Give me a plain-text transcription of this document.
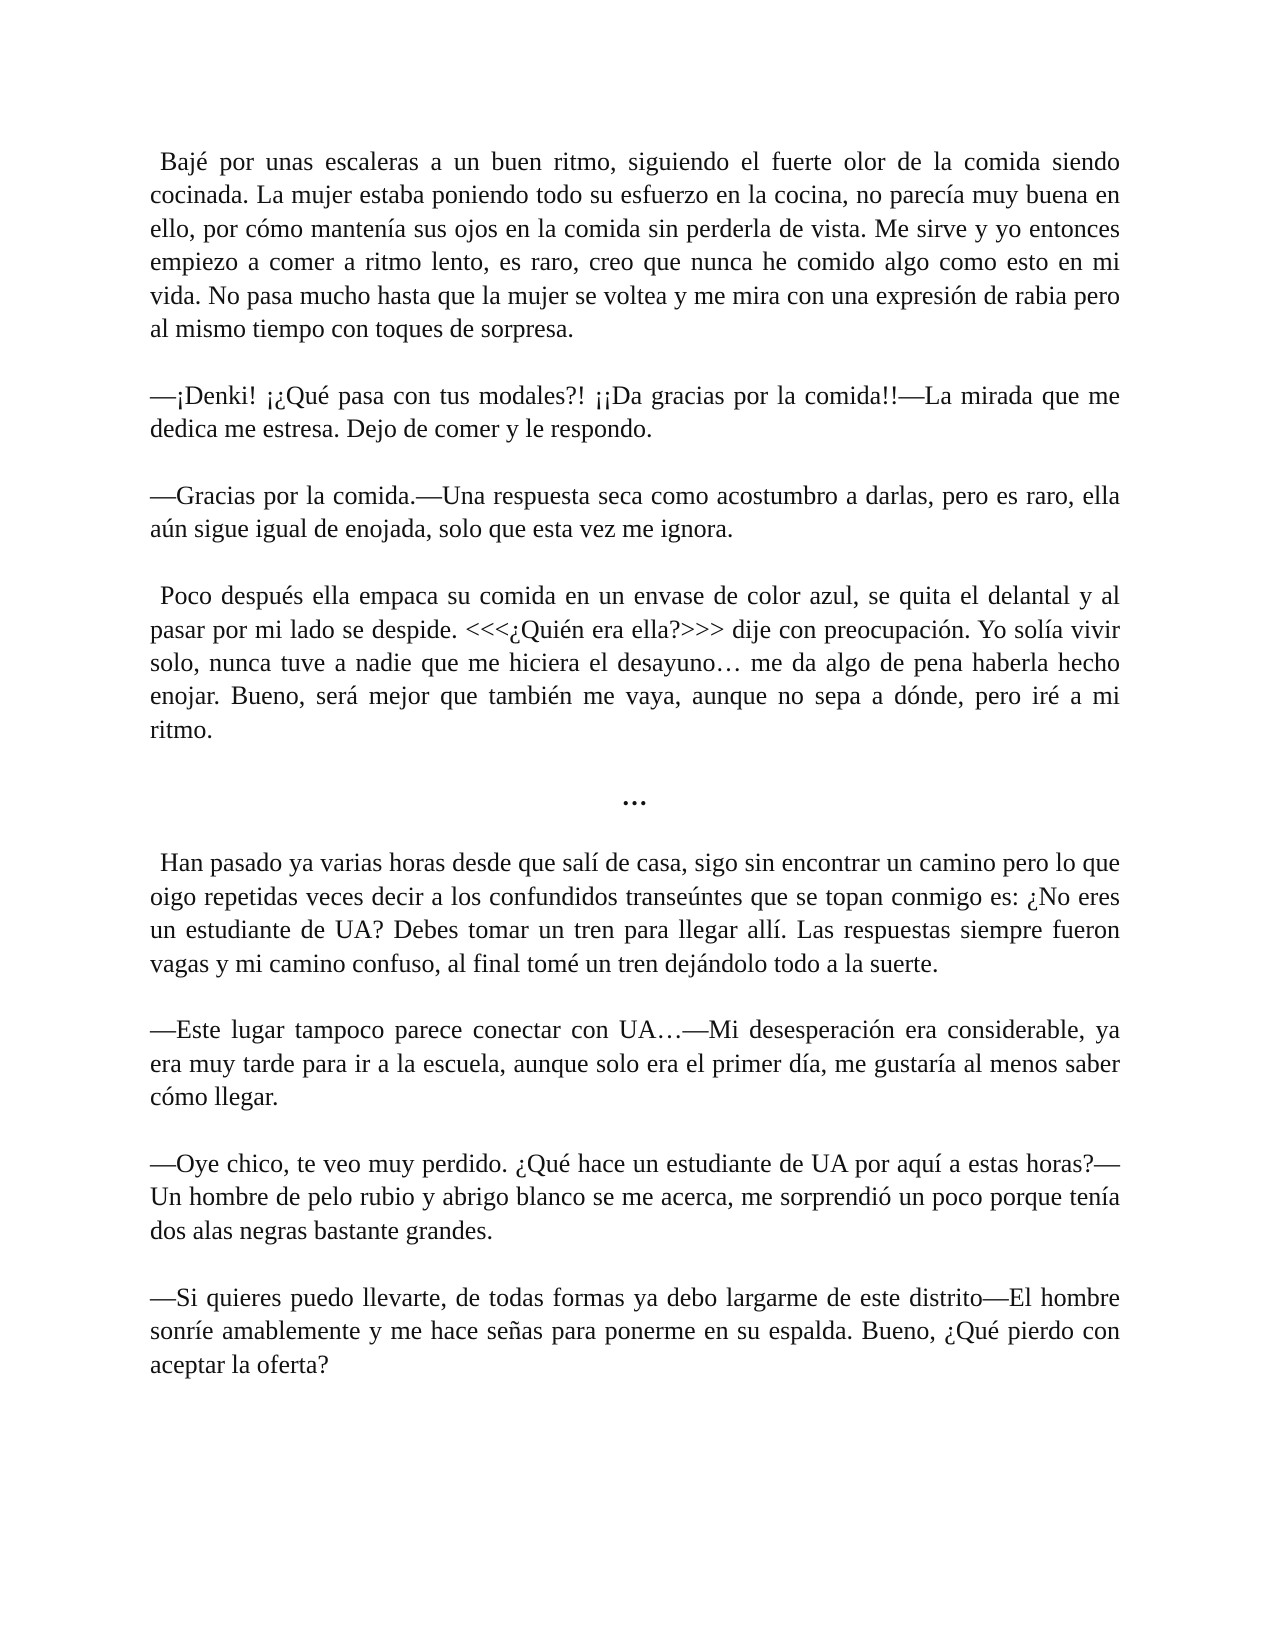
Bajé por unas escaleras a un buen ritmo, siguiendo el fuerte olor de la comida siendo cocinada. La mujer estaba poniendo todo su esfuerzo en la cocina, no parecía muy buena en ello, por cómo mantenía sus ojos en la comida sin perderla de vista. Me sirve y yo entonces empiezo a comer a ritmo lento, es raro, creo que nunca he comido algo como esto en mi vida. No pasa mucho hasta que la mujer se voltea y me mira con una expresión de rabia pero al mismo tiempo con toques de sorpresa.

—¡Denki! ¡¿Qué pasa con tus modales?! ¡¡Da gracias por la comida!!—La mirada que me dedica me estresa. Dejo de comer y le respondo.

—Gracias por la comida.—Una respuesta seca como acostumbro a darlas, pero es raro, ella aún sigue igual de enojada, solo que esta vez me ignora.

Poco después ella empaca su comida en un envase de color azul, se quita el delantal y al pasar por mi lado se despide. <<<¿Quién era ella?>>> dije con preocupación. Yo solía vivir solo, nunca tuve a nadie que me hiciera el desayuno… me da algo de pena haberla hecho enojar. Bueno, será mejor que también me vaya, aunque no sepa a dónde, pero iré a mi ritmo.

…

Han pasado ya varias horas desde que salí de casa, sigo sin encontrar un camino pero lo que oigo repetidas veces decir a los confundidos transeúntes que se topan conmigo es: ¿No eres un estudiante de UA? Debes tomar un tren para llegar allí. Las respuestas siempre fueron vagas y mi camino confuso, al final tomé un tren dejándolo todo a la suerte.

—Este lugar tampoco parece conectar con UA…—Mi desesperación era considerable, ya era muy tarde para ir a la escuela, aunque solo era el primer día, me gustaría al menos saber cómo llegar.

—Oye chico, te veo muy perdido. ¿Qué hace un estudiante de UA por aquí a estas horas?—Un hombre de pelo rubio y abrigo blanco se me acerca, me sorprendió un poco porque tenía dos alas negras bastante grandes.

—Si quieres puedo llevarte, de todas formas ya debo largarme de este distrito—El hombre sonríe amablemente y me hace señas para ponerme en su espalda. Bueno, ¿Qué pierdo con aceptar la oferta?
